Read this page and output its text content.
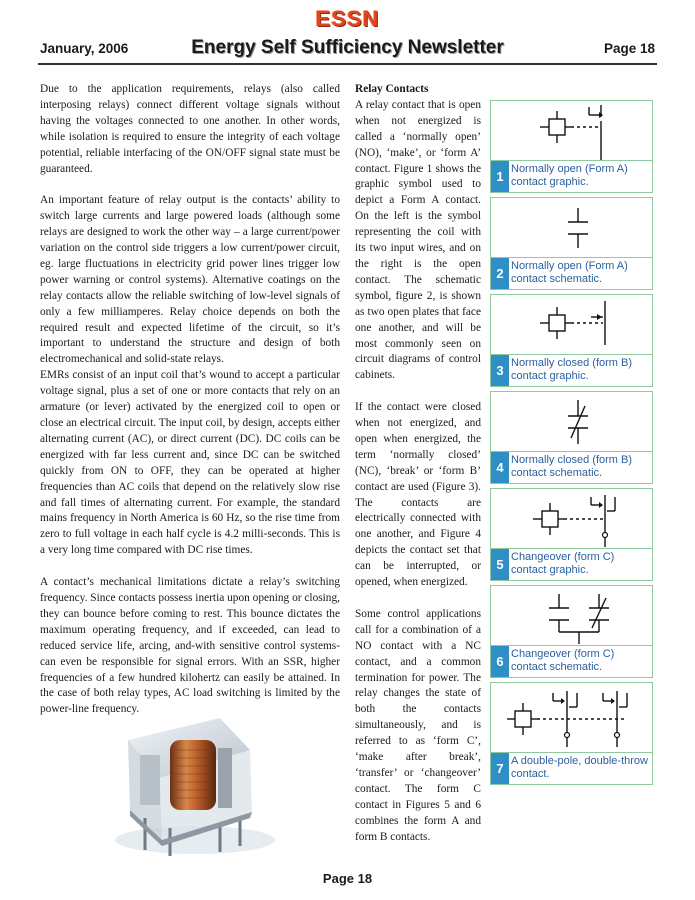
ESSN
January, 2006	Energy Self Sufficiency Newsletter	Page 18

Due to the application requirements, relays (also called interposing relays) connect different voltage signals without having the voltages connected to one another. In other words, while isolation is required to ensure the integrity of each voltage potential, reliable interfacing of the ON/OFF signal state must be guaranteed.

An important feature of relay output is the contacts’ ability to switch large currents and large powered loads (although some relays are designed to work the other way – a large current/power variation on the control side triggers a low current/power circuit, eg. large fluctuations in electricity grid power lines trigger low power warning or control systems). Alternative coatings on the relay contacts allow the reliable switching of low-level signals of only a few milliamperes. Relay choice depends on both the required result and expected lifetime of the circuit, so it’s important to understand the structure and design of both electromechanical and solid-state relays.

EMRs consist of an input coil that’s wound to accept a particular voltage signal, plus a set of one or more contacts that rely on an armature (or lever) activated by the energized coil to open or close an electrical circuit. The input coil, by design, accepts either alternating current (AC), or direct current (DC). DC coils can be energized with far less current and, since DC can be switched quickly from ON to OFF, they can be operated at higher frequencies than AC coils that depend on the relatively slow rise and fall times of alternating current. For example, the standard mains frequency in North America is 60 Hz, so the rise time from zero to full voltage in each half cycle is 4.2 milli-seconds. This is a very long time compared with DC rise times.

A contact’s mechanical limitations dictate a relay’s switching frequency. Since contacts possess inertia upon opening or closing, they can bounce before coming to rest. This bounce dictates the maximum operating frequency, and if exceeded, can lead to reduced service life, arcing, and-with sensitive control systems- can even be responsible for signal errors. With an SSR, higher frequencies of a few hundred kilohertz can easily be attained. In the case of both relay types, AC load switching is limited by the power-line frequency.

Relay Contacts

A relay contact that is open when not energized is called a ‘normally open’ (NO), ‘make’, or ‘form A’ contact. Figure 1 shows the graphic symbol used to depict a Form A contact. On the left is the symbol representing the coil with its two input wires, and on the right is the open contact. The schematic symbol, figure 2, is shown as two open plates that face one another, and will be most commonly seen on circuit diagrams of control cabinets.

If the contact were closed when not energized, and open when energized, the term ‘normally closed’ (NC), ‘break’ or ‘form B’ contact are used (Figure 3). The contacts are electrically connected with one another, and Figure 4 depicts the contact set that can be interrupted, or opened, when energized.

Some control applications call for a combination of a NO contact with a NC contact, and a common termination for power. The relay changes the state of both the contacts simultaneously, and is referred to as ‘form C’, ‘make after break’, ‘transfer’ or ‘changeover’ contact. The form C contact in Figures 5 and 6 combines the form A and form B contacts.

1 Normally open (Form A) contact graphic.
2 Normally open (Form A) contact schematic.
3 Normally closed (form B) contact graphic.
4 Normally closed (form B) contact schematic.
5 Changeover (form C) contact graphic.
6 Changeover (form C) contact schematic.
7 A double-pole, double-throw contact.
Page 18
